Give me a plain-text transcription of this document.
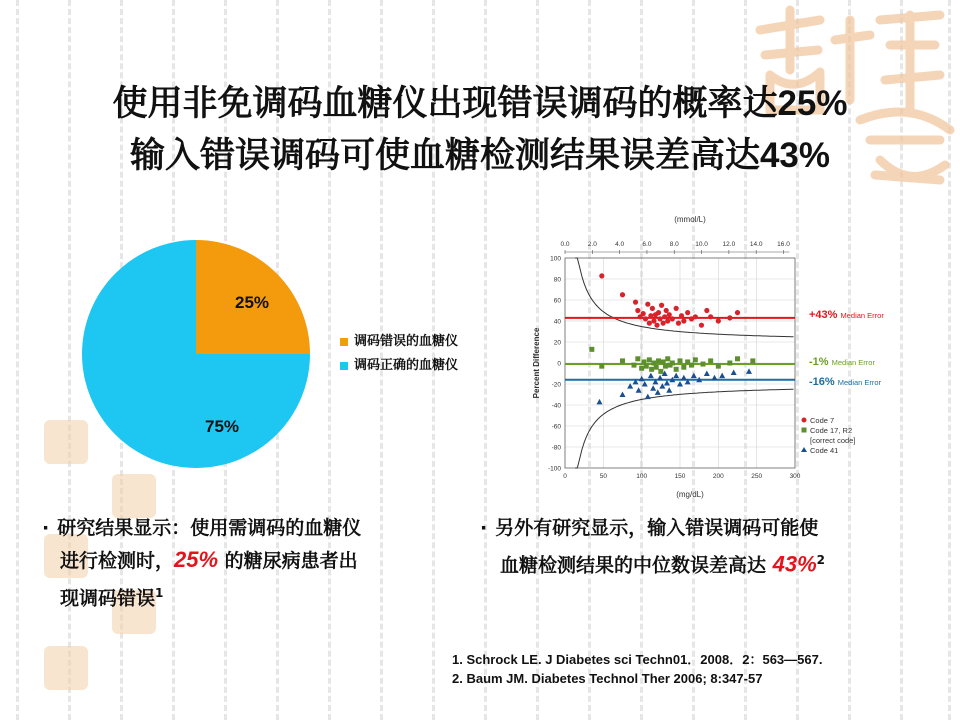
使用非免调码血糖仪出现错误调码的概率达25%
输入错误调码可使血糖检测结果误差高达43%
25%
75%
调码错误的血糖仪
调码正确的血糖仪
(mmol/L)
(mg/dL)
Percent Difference
100
80
60
40
20
0
-20
-40
-60
-80
-100
0	50	100	150	200	250	300
0.0	2.0	4.0	6.0	8.0	10.0 12.0 14.0 16.0
+43% Median Error
-1% Median Error
-16% Median Error
Code 7
Code 17, R2
[correct code]
Code 41
· 研究结果显示：使用需调码的血糖仪
进行检测时，25% 的糖尿病患者出
现调码错误$^1$
· 另外有研究显示，输入错误调码可能使
血糖检测结果的中位数误差高达 43%$^2$
1. Schrock LE. J Diabetes sci Techn01．2008．2：563—567.
2. Baum JM. Diabetes Technol Ther 2006; 8:347-57
